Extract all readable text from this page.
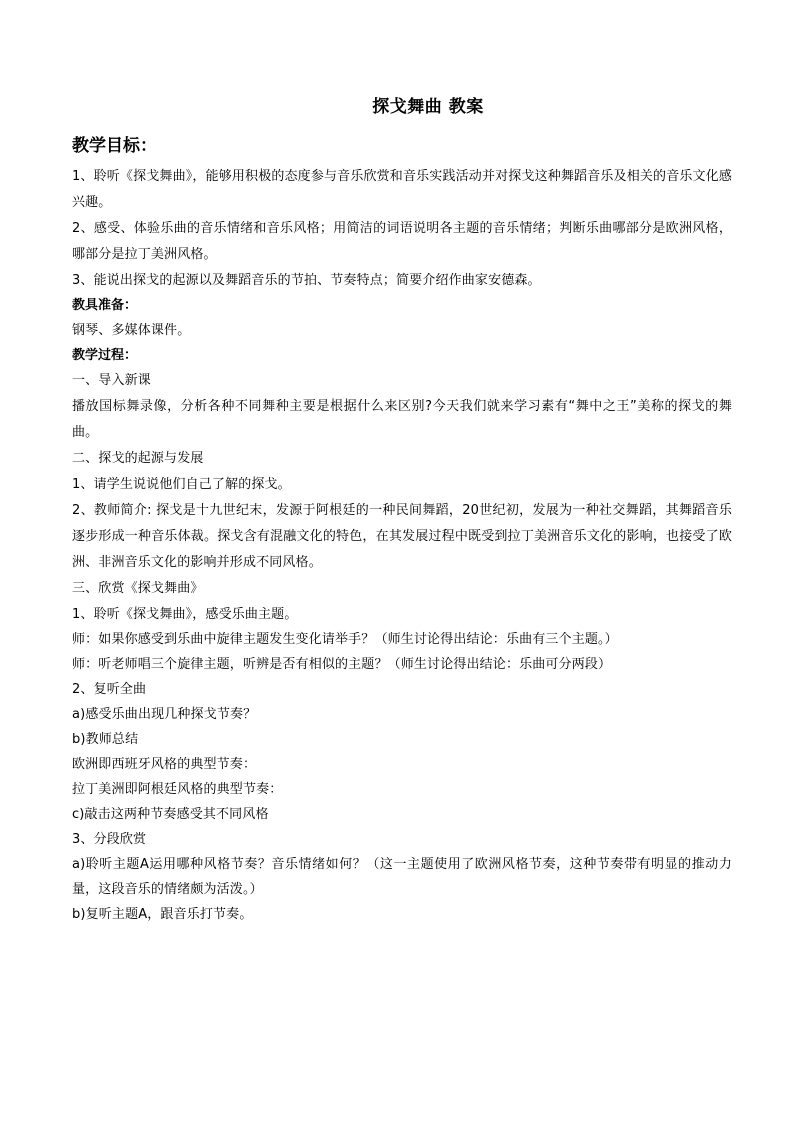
探戈舞曲 教案
教学目标：
1、聆听《探戈舞曲》，能够用积极的态度参与音乐欣赏和音乐实践活动并对探戈这种舞蹈音乐及相关的音乐文化感兴趣。
2、感受、体验乐曲的音乐情绪和音乐风格；用简洁的词语说明各主题的音乐情绪；判断乐曲哪部分是欧洲风格，哪部分是拉丁美洲风格。
3、能说出探戈的起源以及舞蹈音乐的节拍、节奏特点；简要介绍作曲家安德森。
教具准备：
钢琴、多媒体课件。
教学过程：
一、导入新课
播放国标舞录像，分析各种不同舞种主要是根据什么来区别?今天我们就来学习素有“舞中之王”美称的探戈的舞曲。
二、探戈的起源与发展
1、请学生说说他们自己了解的探戈。
2、教师简介: 探戈是十九世纪末，发源于阿根廷的一种民间舞蹈，20世纪初，发展为一种社交舞蹈，其舞蹈音乐逐步形成一种音乐体裁。探戈含有混融文化的特色，在其发展过程中既受到拉丁美洲音乐文化的影响，也接受了欧洲、非洲音乐文化的影响并形成不同风格。
三、欣赏《探戈舞曲》
1、聆听《探戈舞曲》，感受乐曲主题。
师：如果你感受到乐曲中旋律主题发生变化请举手？（师生讨论得出结论：乐曲有三个主题。）
师：听老师唱三个旋律主题，听辨是否有相似的主题？（师生讨论得出结论：乐曲可分两段）
2、复听全曲
a)感受乐曲出现几种探戈节奏？
b)教师总结
欧洲即西班牙风格的典型节奏：
拉丁美洲即阿根廷风格的典型节奏：
c)敲击这两种节奏感受其不同风格
3、分段欣赏
a)聆听主题A运用哪种风格节奏？音乐情绪如何？（这一主题使用了欧洲风格节奏，这种节奏带有明显的推动力量，这段音乐的情绪颇为活泼。）
b)复听主题A，跟音乐打节奏。
